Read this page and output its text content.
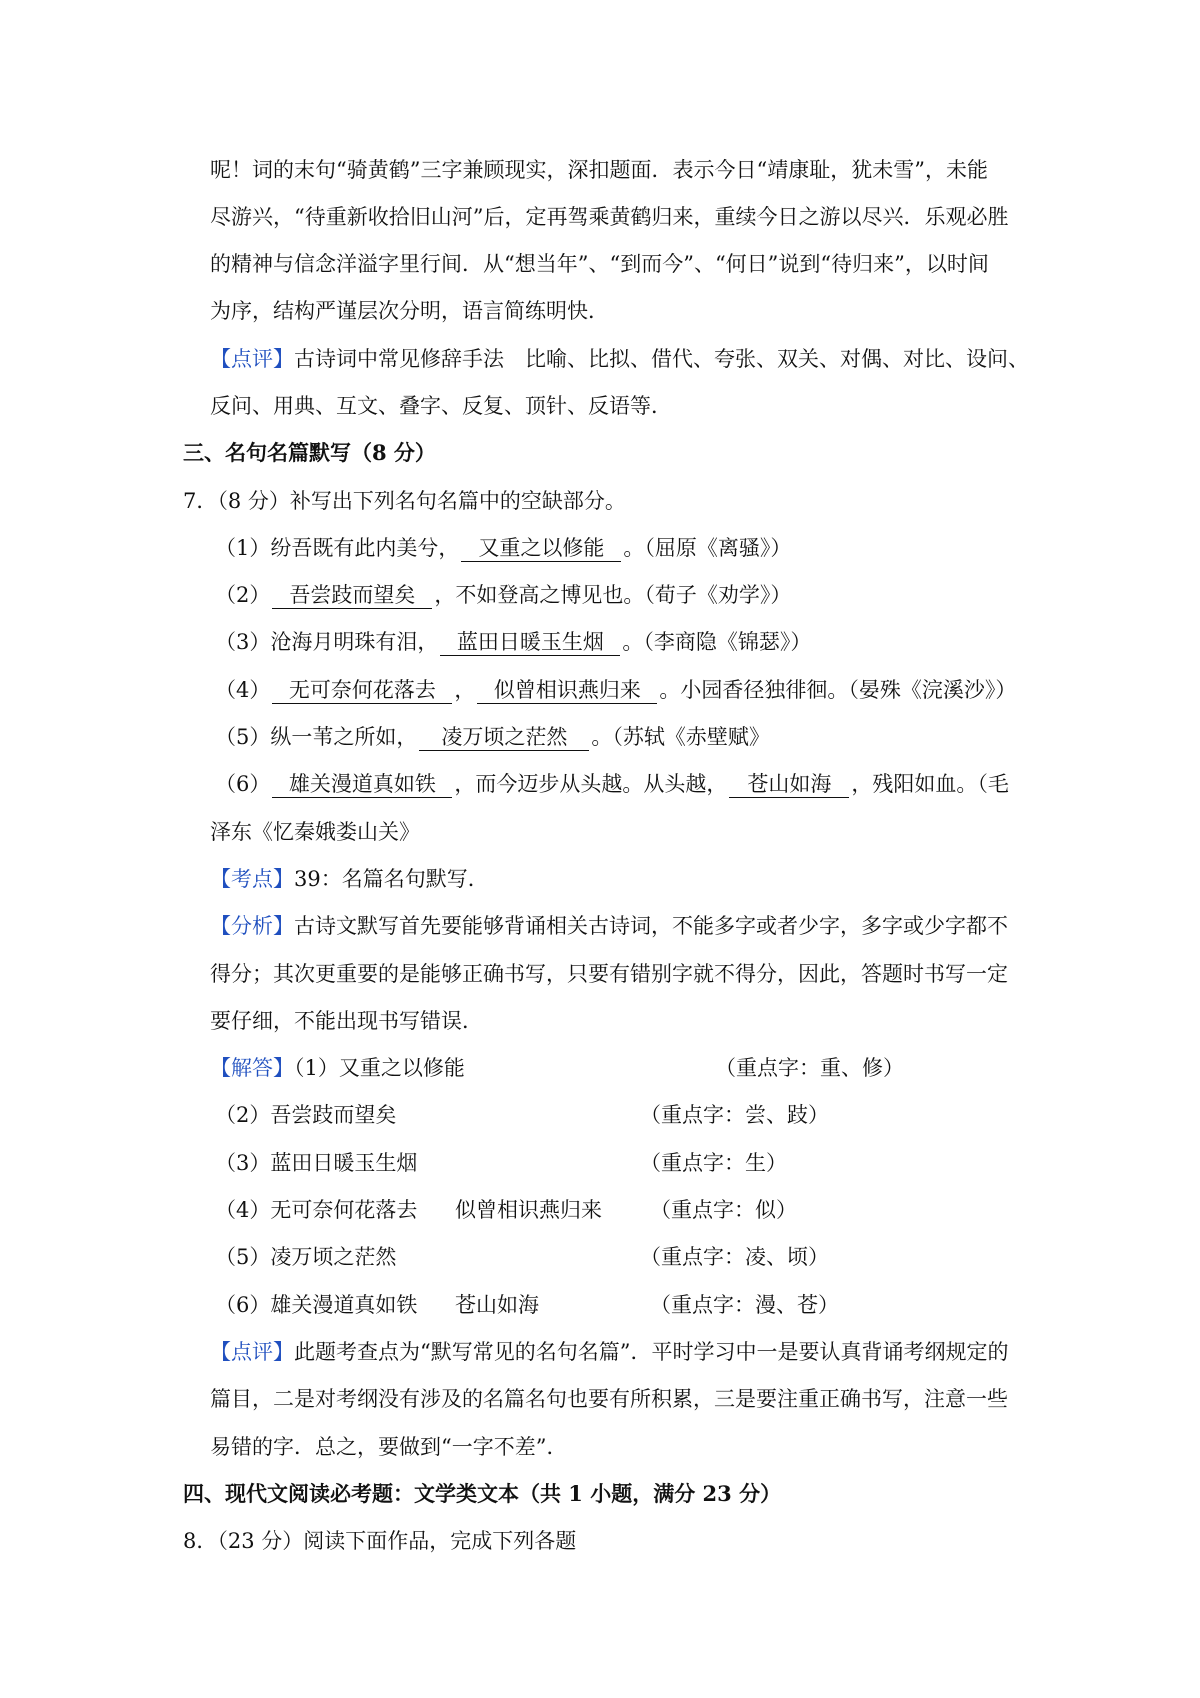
呢！词的末句“骑黄鹤”三字兼顾现实，深扣题面．表示今日“靖康耻，犹未雪”，未能
尽游兴，“待重新收拾旧山河”后，定再驾乘黄鹤归来，重续今日之游以尽兴．乐观必胜
的精神与信念洋溢字里行间．从“想当年”、“到而今”、“何日”说到“待归来”，以时间
为序，结构严谨层次分明，语言简练明快．
【点评】古诗词中常见修辞手法　比喻、比拟、借代、夸张、双关、对偶、对比、设问、
反问、用典、互文、叠字、反复、顶针、反语等．
三、名句名篇默写（8 分）
7．（8 分）补写出下列名句名篇中的空缺部分。
（1）纷吾既有此内美兮， 又重之以修能 。（屈原《离骚》）
（2） 吾尝跂而望矣 ，不如登高之博见也。（荀子《劝学》）
（3）沧海月明珠有泪， 蓝田日暖玉生烟 。（李商隐《锦瑟》）
（4） 无可奈何花落去 ， 似曾相识燕归来 。小园香径独徘徊。（晏殊《浣溪沙》）
（5）纵一苇之所如， 凌万顷之茫然 。（苏轼《赤壁赋》
（6） 雄关漫道真如铁 ，而今迈步从头越。从头越， 苍山如海 ，残阳如血。（毛
泽东《忆秦娥娄山关》
【考点】39：名篇名句默写．
【分析】古诗文默写首先要能够背诵相关古诗词，不能多字或者少字，多字或少字都不
得分；其次更重要的是能够正确书写，只要有错别字就不得分，因此，答题时书写一定
要仔细，不能出现书写错误．
【解答】（1）又重之以修能	（重点字：重、修）
（2）吾尝跂而望矣	（重点字：尝、跂）
（3）蓝田日暖玉生烟	（重点字：生）
（4）无可奈何花落去 似曾相识燕归来 （重点字：似）
（5）凌万顷之茫然	（重点字：凌、顷）
（6）雄关漫道真如铁 苍山如海	（重点字：漫、苍）
【点评】此题考查点为“默写常见的名句名篇”．平时学习中一是要认真背诵考纲规定的
篇目，二是对考纲没有涉及的名篇名句也要有所积累，三是要注重正确书写，注意一些
易错的字．总之，要做到“一字不差”．
四、现代文阅读必考题：文学类文本（共 1 小题，满分 23 分）
8．（23 分）阅读下面作品，完成下列各题
